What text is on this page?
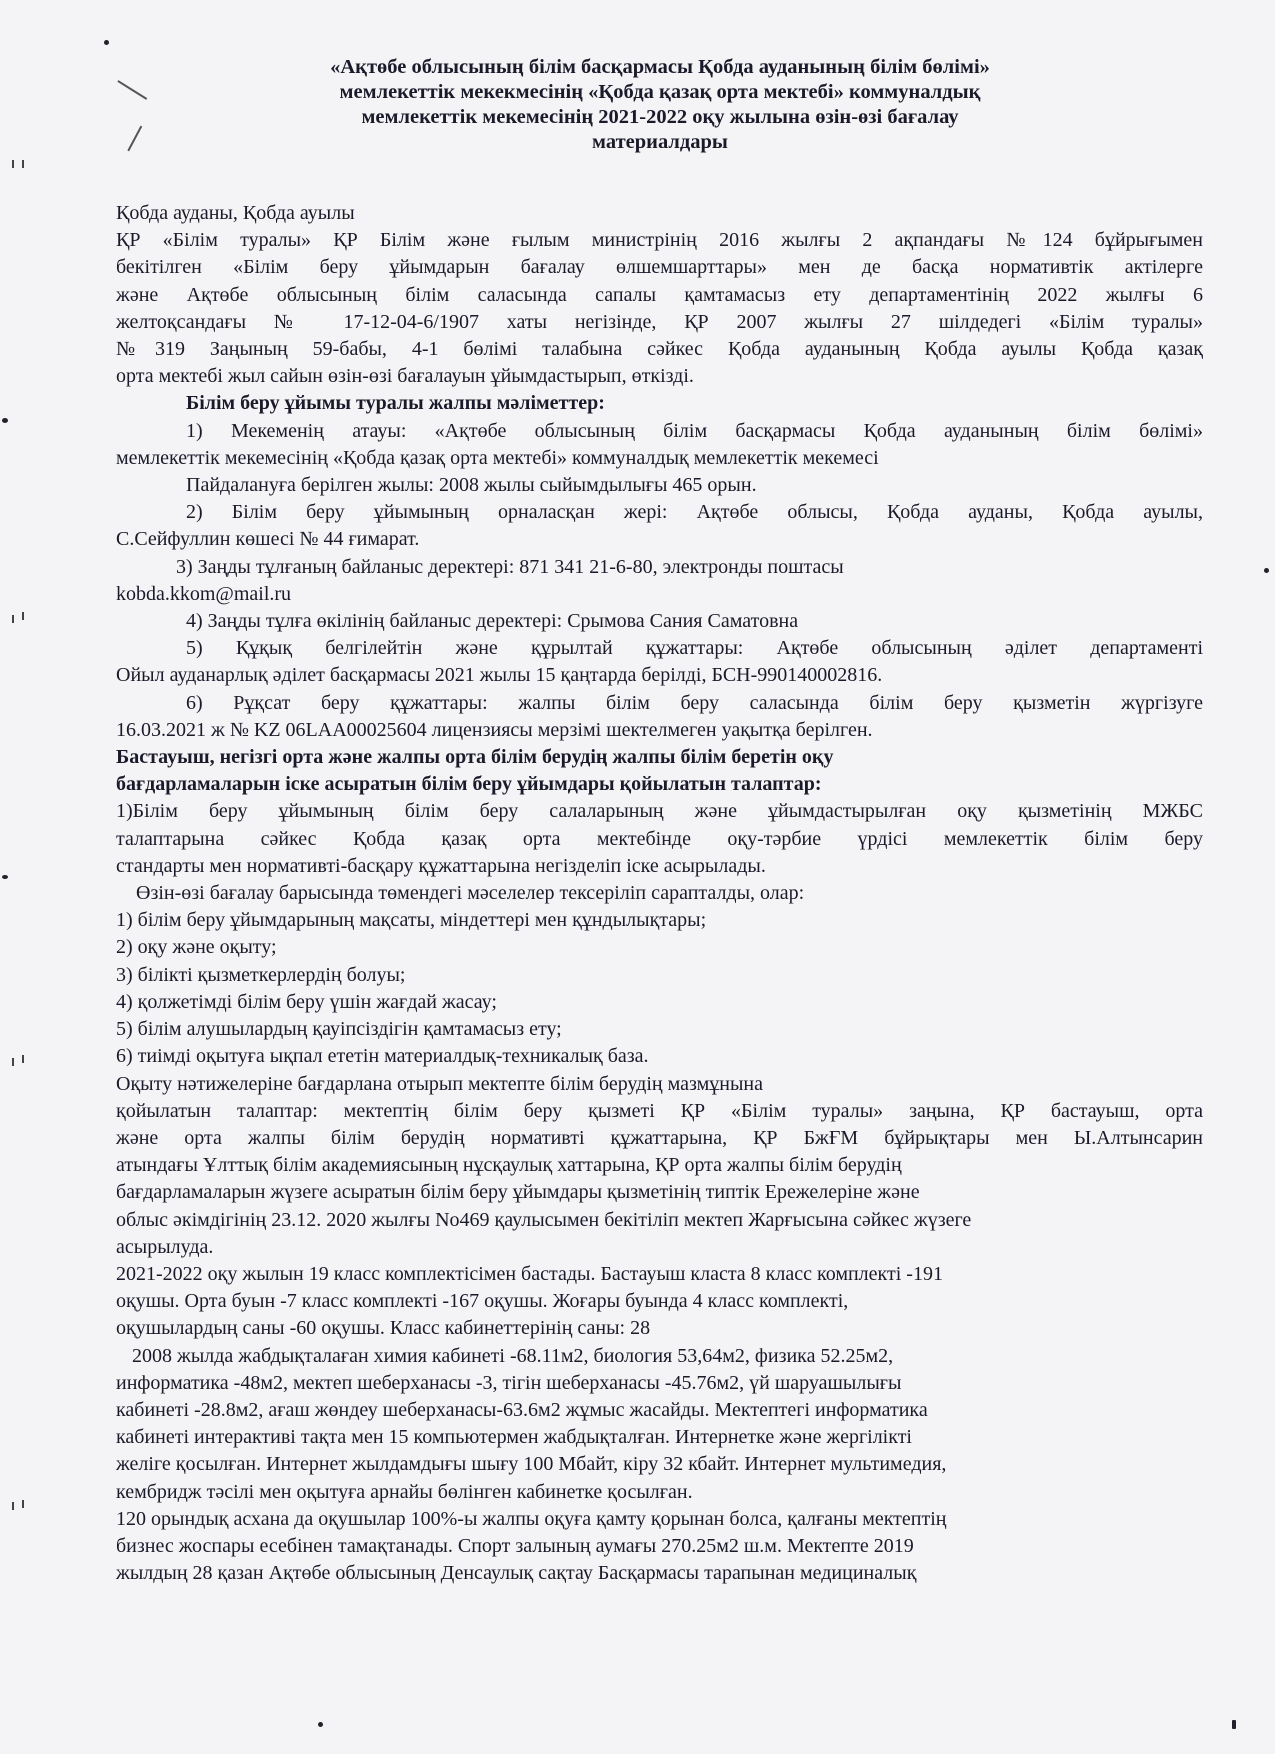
«Ақтөбе облысының білім басқармасы Қобда ауданының білім бөлімі»
мемлекеттік мекекмесінің «Қобда қазақ орта мектебі» коммуналдық
мемлекеттік мекемесінің 2021-2022 оқу жылына өзін-өзі бағалау
материалдары
Қобда ауданы, Қобда ауылы
ҚР «Білім туралы» ҚР Білім және ғылым министрінің 2016 жылғы 2 ақпандағы №124 бұйрығымен
бекітілген «Білім беру ұйымдарын бағалау өлшемшарттары» мен де басқа нормативтік актілерге
және Ақтөбе облысының білім саласында сапалы қамтамасыз ету департаментінің 2022 жылғы 6
желтоқсандағы № 17-12-04-6/1907 хаты негізінде, ҚР 2007 жылғы 27 шілдедегі «Білім туралы»
№319 Заңының 59-бабы, 4-1 бөлімі талабына сәйкес Қобда ауданының Қобда ауылы Қобда қазақ
орта мектебі жыл сайын өзін-өзі бағалауын ұйымдастырып, өткізді.
Білім беру ұйымы туралы жалпы мәліметтер:
1) Мекеменің атауы: «Ақтөбе облысының білім басқармасы Қобда ауданының білім бөлімі»
мемлекеттік мекемесінің «Қобда қазақ орта мектебі» коммуналдық мемлекеттік мекемесі
Пайдалануға берілген жылы: 2008 жылы сыйымдылығы 465 орын.
2) Білім беру ұйымының орналасқан жері: Ақтөбе облысы, Қобда ауданы, Қобда ауылы,
С.Сейфуллин көшесі № 44 ғимарат.
3) Заңды тұлғаның байланыс деректері: 871 341 21-6-80, электронды поштасы
kobda.kkom@mail.ru
4) Заңды тұлға өкілінің байланыс деректері: Срымова Сания Саматовна
5) Құқық белгілейтін және құрылтай құжаттары: Ақтөбе облысының әділет департаменті
Ойыл ауданарлық әділет басқармасы 2021 жылы 15 қаңтарда берілді, БСН-990140002816.
6) Рұқсат беру құжаттары: жалпы білім беру саласында білім беру қызметін жүргізуге
16.03.2021 ж № KZ 06LAA00025604 лицензиясы мерзімі шектелмеген уақытқа берілген.
Бастауыш, негізгі орта және жалпы орта білім берудің жалпы білім беретін оқу
бағдарламаларын іске асыратын білім беру ұйымдары қойылатын талаптар:
1)Білім беру ұйымының білім беру салаларының және ұйымдастырылған оқу қызметінің МЖБС
талаптарына сәйкес Қобда қазақ орта мектебінде оқу-тәрбие үрдісі мемлекеттік білім беру
стандарты мен нормативті-басқару құжаттарына негізделіп іске асырылады.
Өзін-өзі бағалау барысында төмендегі мәселелер тексеріліп сарапталды, олар:
1) білім беру ұйымдарының мақсаты, міндеттері мен құндылықтары;
2) оқу және оқыту;
3) білікті қызметкерлердің болуы;
4) қолжетімді білім беру үшін жағдай жасау;
5) білім алушылардың қауіпсіздігін қамтамасыз ету;
6) тиімді оқытуға ықпал ететін материалдық-техникалық база.
Оқыту нәтижелеріне бағдарлана отырып мектепте білім берудің мазмұнына
қойылатын талаптар: мектептің білім беру қызметі ҚР «Білім туралы» заңына, ҚР бастауыш, орта
және орта жалпы білім берудің нормативті құжаттарына, ҚР БжҒМ бұйрықтары мен Ы.Алтынсарин
атындағы Ұлттық білім академиясының нұсқаулық хаттарына, ҚР орта жалпы білім берудің
бағдарламаларын жүзеге асыратын білім беру ұйымдары қызметінің типтік Ережелеріне және
облыс әкімдігінің 23.12. 2020 жылғы No469 қаулысымен бекітіліп мектеп Жарғысына сәйкес жүзеге
асырылуда.
2021-2022 оқу жылын 19 класс комплектісімен бастады. Бастауыш класта 8 класс комплекті -191
оқушы. Орта буын -7 класс комплекті -167 оқушы. Жоғары буында 4 класс комплекті,
оқушылардың саны -60 оқушы. Класс кабинеттерінің саны: 28
2008 жылда жабдықталаған химия кабинеті -68.11м2, биология 53,64м2, физика 52.25м2,
информатика -48м2, мектеп шеберханасы -3, тігін шеберханасы -45.76м2, үй шаруашылығы
кабинеті -28.8м2, ағаш жөндеу шеберханасы-63.6м2 жұмыс жасайды. Мектептегі информатика
кабинеті интерактиві тақта мен 15 компьютермен жабдықталған. Интернетке және жергілікті
желіге қосылған. Интернет жылдамдығы шығу 100 Мбайт, кіру 32 кбайт. Интернет мультимедия,
кембридж тәсілі мен оқытуға арнайы бөлінген кабинетке қосылған.
120 орындық асхана да оқушылар 100%-ы жалпы оқуға қамту қорынан болса, қалғаны мектептің
бизнес жоспары есебінен тамақтанады. Спорт залының аумағы 270.25м2 ш.м. Мектепте 2019
жылдың 28 қазан Ақтөбе облысының Денсаулық сақтау Басқармасы тарапынан медициналық
